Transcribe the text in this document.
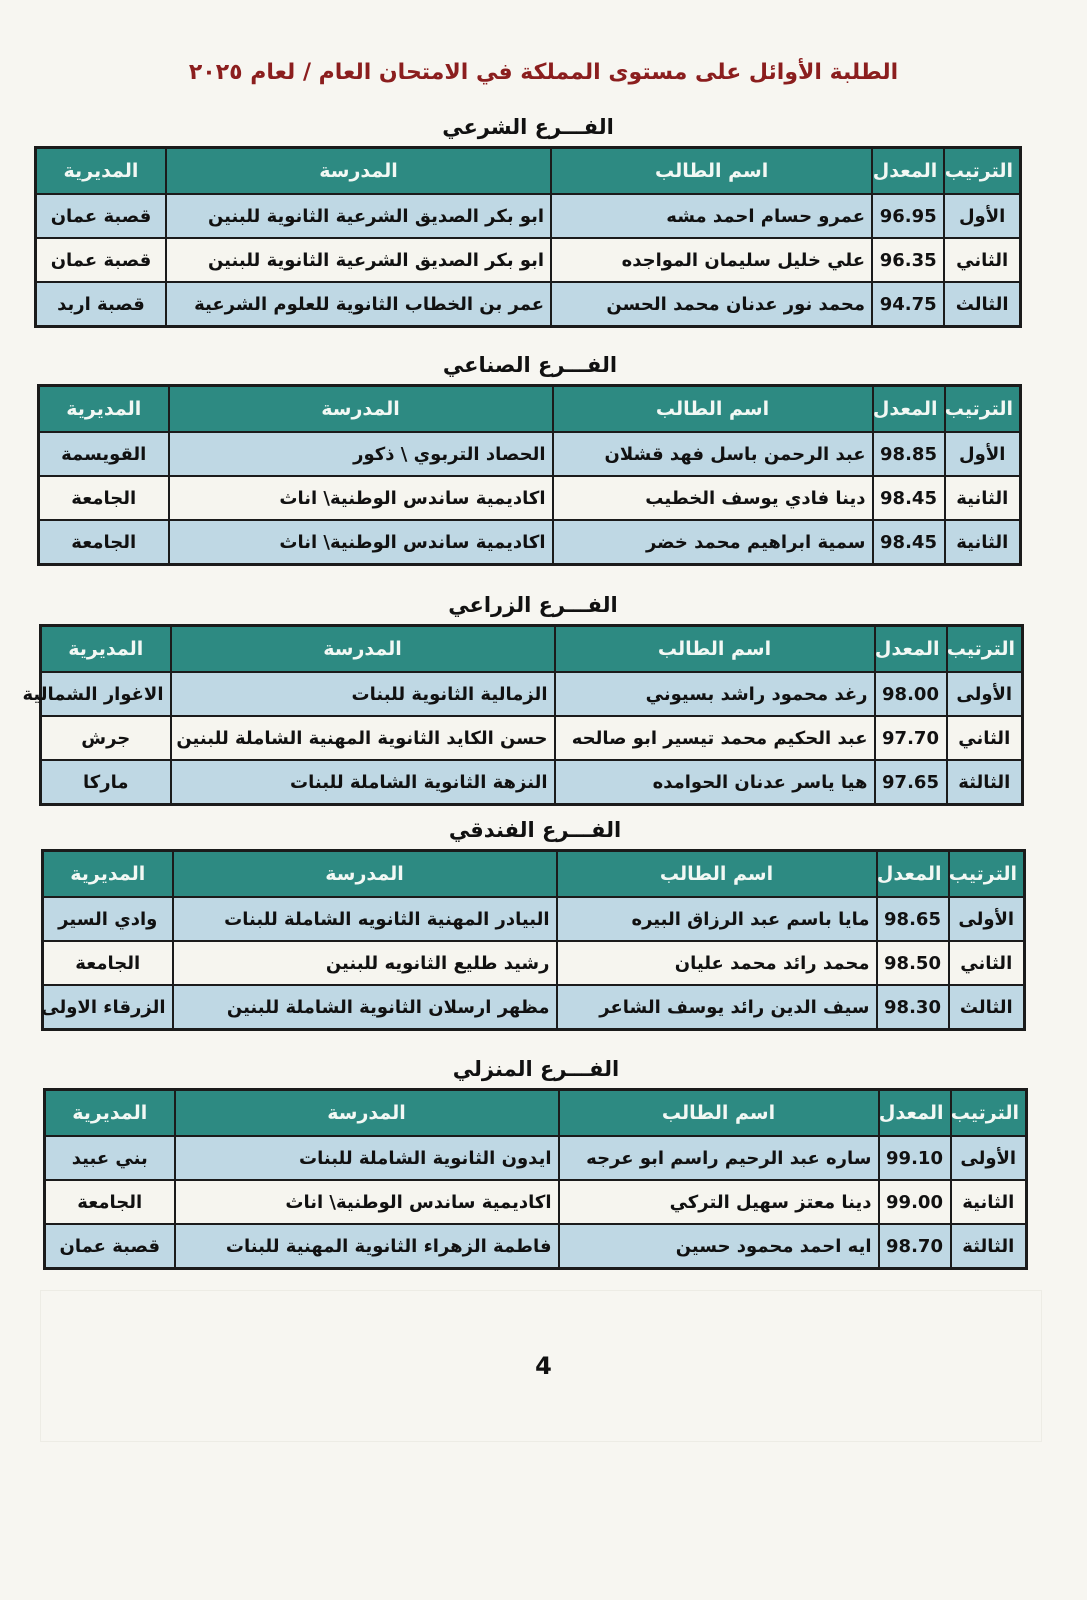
الطلبة الأوائل على مستوى المملكة في الامتحان العام / لعام ٢٠٢٥
الفـــرع الشرعي
الترتيب	المعدل	اسم الطالب	المدرسة	المديرية
الأول	96.95	عمرو حسام احمد مشه	ابو بكر الصديق الشرعية الثانوية للبنين	قصبة عمان
الثاني	96.35	علي خليل سليمان المواجده	ابو بكر الصديق الشرعية الثانوية للبنين	قصبة عمان
الثالث	94.75	محمد نور عدنان محمد الحسن	عمر بن الخطاب الثانوية للعلوم الشرعية	قصبة اربد
الفـــرع الصناعي
الترتيب	المعدل	اسم الطالب	المدرسة	المديرية
الأول	98.85	عبد الرحمن باسل فهد قشلان	الحصاد التربوي \ ذكور	القويسمة
الثانية	98.45	دينا فادي يوسف الخطيب	اكاديمية ساندس الوطنية\ اناث	الجامعة
الثانية	98.45	سمية ابراهيم محمد خضر	اكاديمية ساندس الوطنية\ اناث	الجامعة
الفـــرع الزراعي
الترتيب	المعدل	اسم الطالب	المدرسة	المديرية
الأولى	98.00	رغد محمود راشد بسيوني	الزمالية الثانوية للبنات	الاغوار الشمالية
الثاني	97.70	عبد الحكيم محمد تيسير ابو صالحه	حسن الكايد الثانوية المهنية الشاملة للبنين	جرش
الثالثة	97.65	هيا ياسر عدنان الحوامده	النزهة الثانوية الشاملة للبنات	ماركا
الفـــرع الفندقي
الترتيب	المعدل	اسم الطالب	المدرسة	المديرية
الأولى	98.65	مايا باسم عبد الرزاق البيره	البيادر المهنية الثانويه الشاملة للبنات	وادي السير
الثاني	98.50	محمد رائد محمد عليان	رشيد طليع الثانويه للبنين	الجامعة
الثالث	98.30	سيف الدين رائد يوسف الشاعر	مظهر ارسلان الثانوية الشاملة للبنين	الزرقاء الاولى
الفـــرع المنزلي
الترتيب	المعدل	اسم الطالب	المدرسة	المديرية
الأولى	99.10	ساره عبد الرحيم راسم ابو عرجه	ايدون الثانوية الشاملة للبنات	بني عبيد
الثانية	99.00	دينا معتز سهيل التركي	اكاديمية ساندس الوطنية\ اناث	الجامعة
الثالثة	98.70	ايه احمد محمود حسين	فاطمة الزهراء الثانوية المهنية للبنات	قصبة عمان
4
